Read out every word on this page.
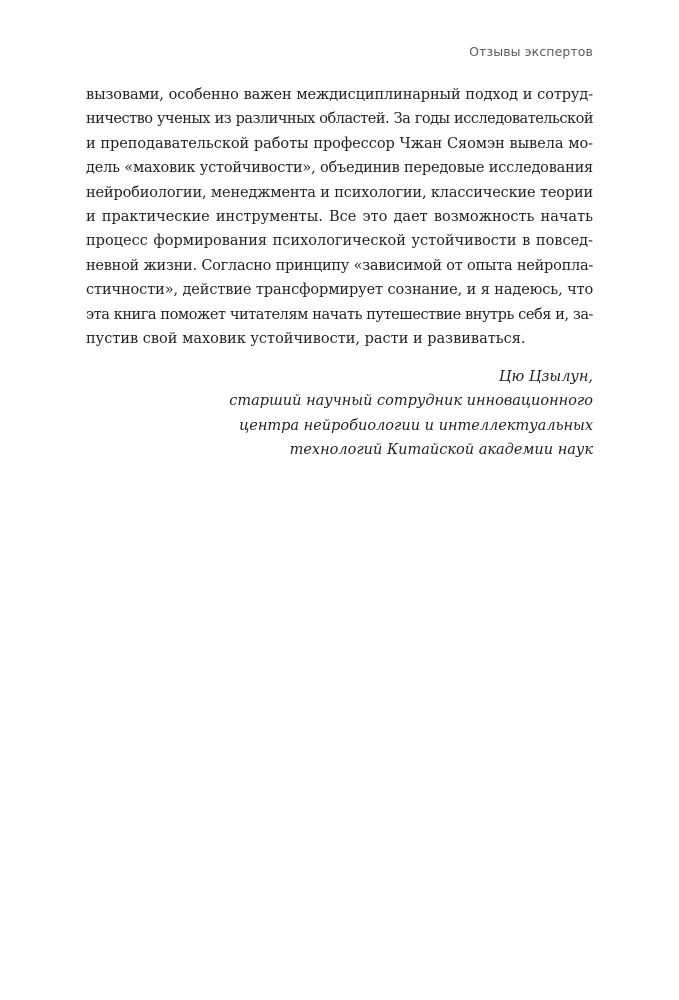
Отзывы экспертов
вызовами, особенно важен междисциплинарный подход и сотруд-
ничество ученых из различных областей. За годы исследовательской
и преподавательской работы профессор Чжан Сяомэн вывела мо-
дель «маховик устойчивости», объединив передовые исследования
нейробиологии, менеджмента и психологии, классические теории
и практические инструменты. Все это дает возможность начать
процесс формирования психологической устойчивости в повсед-
невной жизни. Согласно принципу «зависимой от опыта нейропла-
стичности», действие трансформирует сознание, и я надеюсь, что
эта книга поможет читателям начать путешествие внутрь себя и, за-
пустив свой маховик устойчивости, расти и развиваться.
Цю Цзылун,
старший научный сотрудник инновационного
центра нейробиологии и интеллектуальных
технологий Китайской академии наук
